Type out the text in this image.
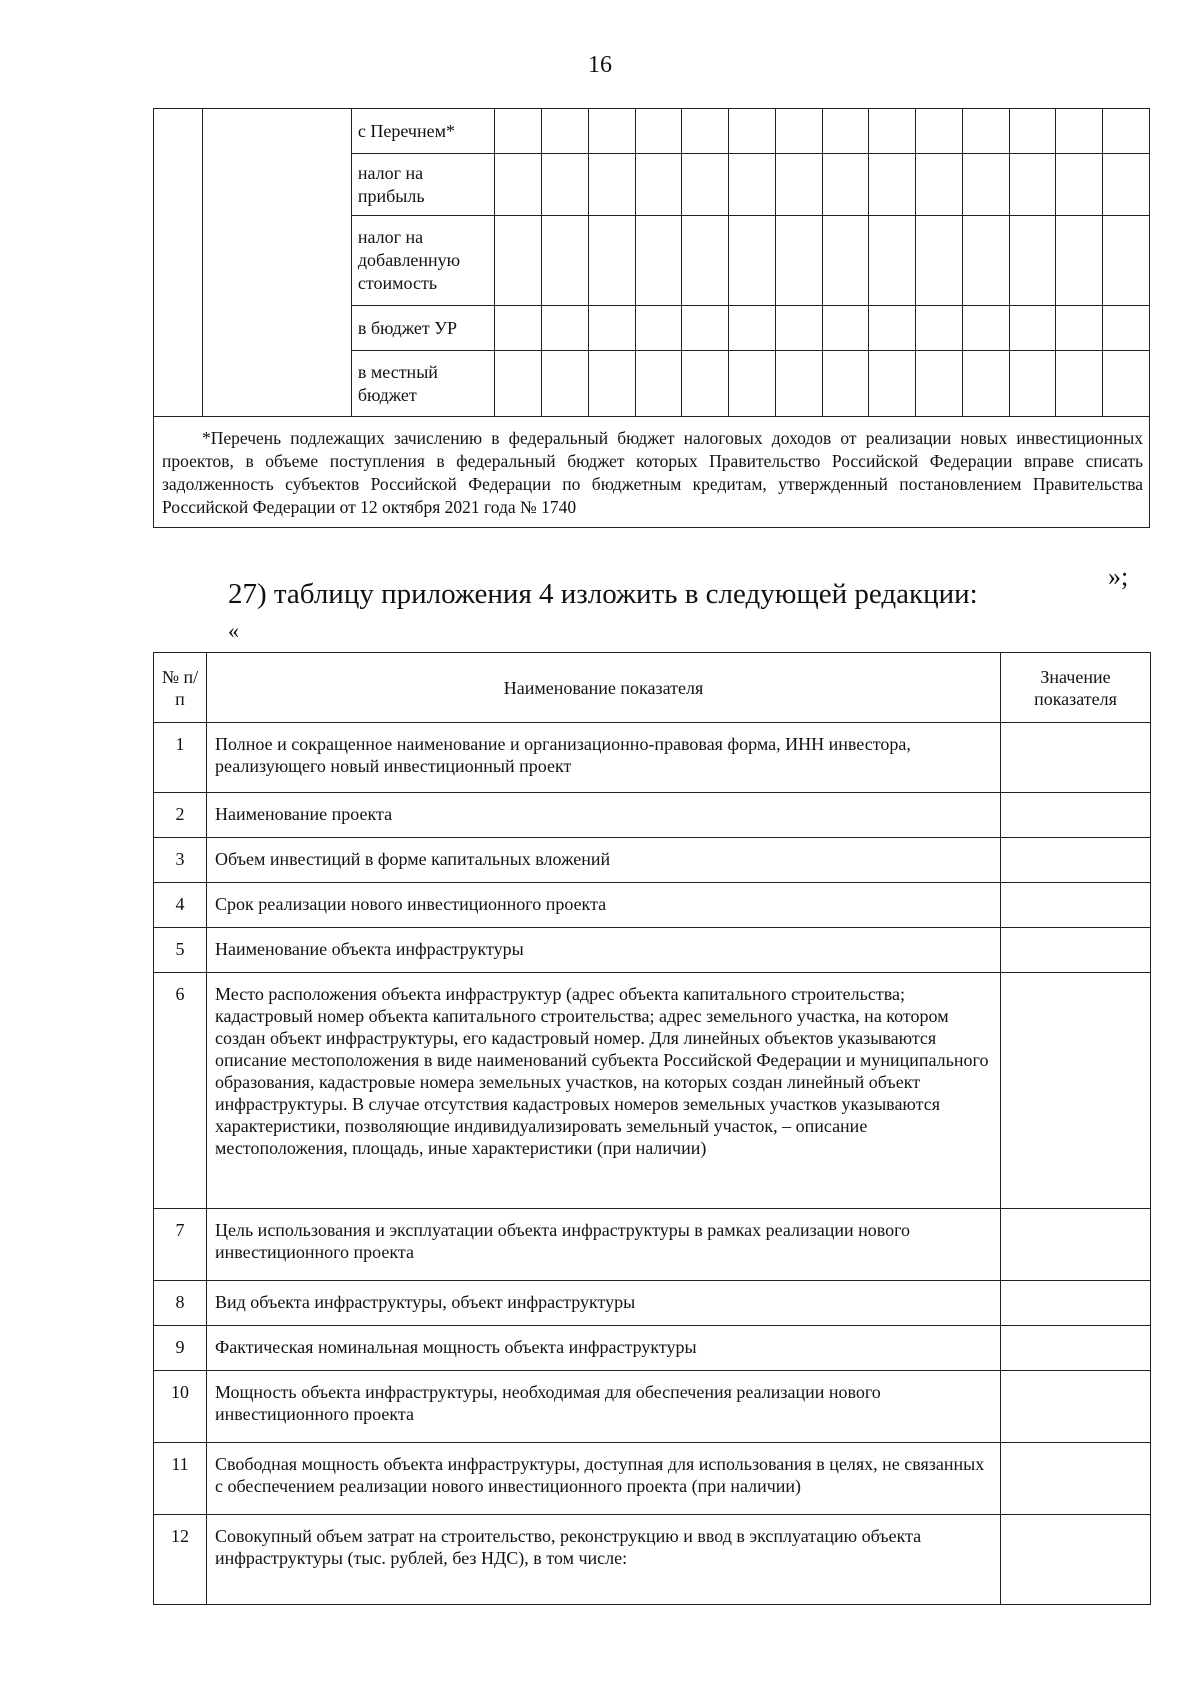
16
		с Перечнем*														
		налог на прибыль														
		налог на добавленную стоимость														
		в бюджет УР														
		в местный бюджет														
*Перечень подлежащих зачислению в федеральный бюджет налоговых доходов от реализации новых инвестиционных проектов, в объеме поступления в федеральный бюджет которых Правительство Российской Федерации вправе списать задолженность субъектов Российской Федерации по бюджетным кредитам, утвержденный постановлением Правительства Российской Федерации от 12 октября 2021 года № 1740																
»;
27) таблицу приложения 4 изложить в следующей редакции:
«
№ п/п	Наименование показателя	Значение показателя
1	Полное и сокращенное наименование и организационно-правовая форма, ИНН инвестора, реализующего новый инвестиционный проект	
2	Наименование проекта	
3	Объем инвестиций в форме капитальных вложений	
4	Срок реализации нового инвестиционного проекта	
5	Наименование объекта инфраструктуры	
6	Место расположения объекта инфраструктур (адрес объекта капитального строительства; кадастровый номер объекта капитального строительства; адрес земельного участка, на котором создан объект инфраструктуры, его кадастровый номер. Для линейных объектов указываются описание местоположения в виде наименований субъекта Российской Федерации и муниципального образования, кадастровые номера земельных участков, на которых создан линейный объект инфраструктуры. В случае отсутствия кадастровых номеров земельных участков указываются характеристики, позволяющие индивидуализировать земельный участок, – описание местоположения, площадь, иные характеристики (при наличии)	
7	Цель использования и эксплуатации объекта инфраструктуры в рамках реализации нового инвестиционного проекта	
8	Вид объекта инфраструктуры, объект инфраструктуры	
9	Фактическая номинальная мощность объекта инфраструктуры	
10	Мощность объекта инфраструктуры, необходимая для обеспечения реализации нового инвестиционного проекта	
11	Свободная мощность объекта инфраструктуры, доступная для использования в целях, не связанных с обеспечением реализации нового инвестиционного проекта (при наличии)	
12	Совокупный объем затрат на строительство, реконструкцию и ввод в эксплуатацию объекта инфраструктуры (тыс. рублей, без НДС), в том числе:	
